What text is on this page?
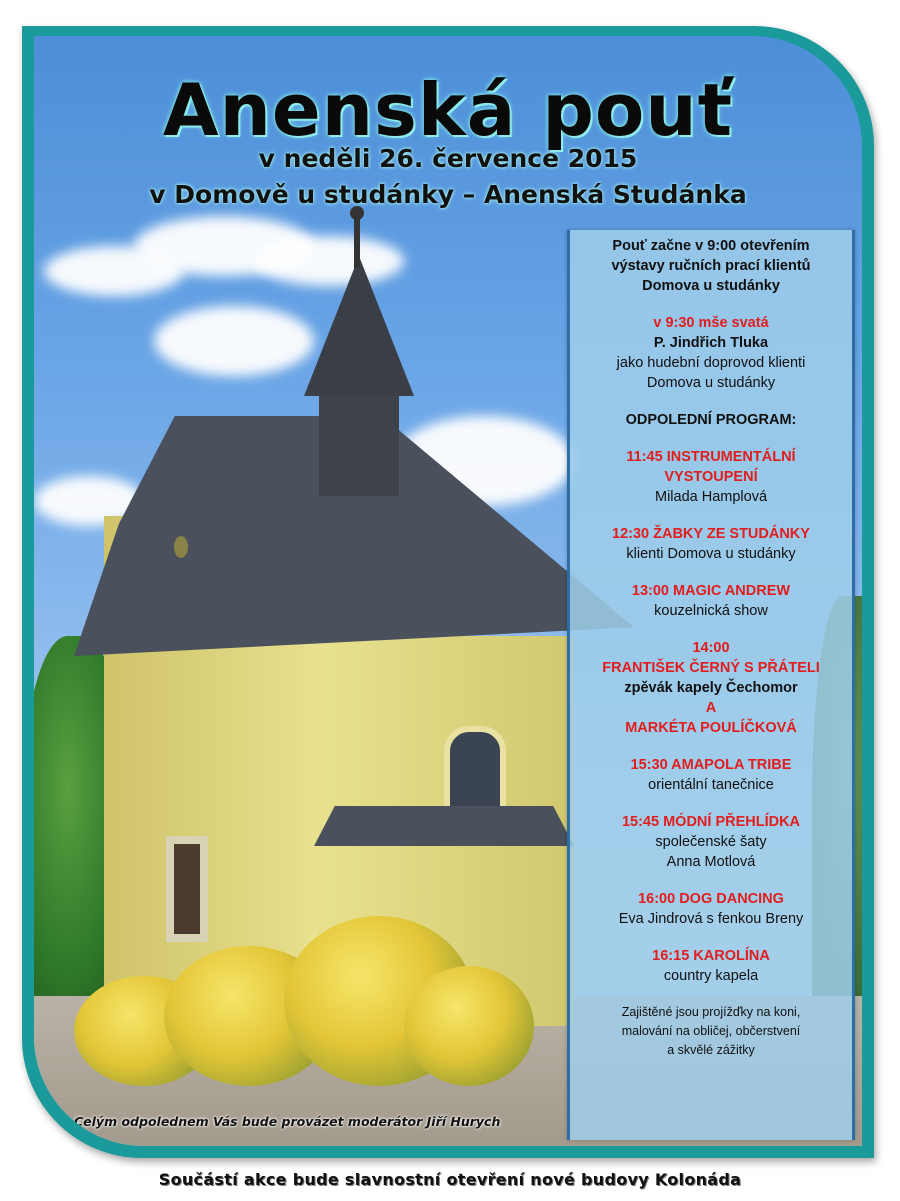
Anenská pouť

v neděli 26. července 2015

v Domově u studánky – Anenská Studánka

Pouť začne v 9:00 otevřením
výstavy ručních prací klientů
Domova u studánky
v 9:30 mše svatá
P. Jindřich Tluka
jako hudební doprovod klienti
Domova u studánky
ODPOLEDNÍ PROGRAM:
11:45 INSTRUMENTÁLNÍ
VYSTOUPENÍ
Milada Hamplová
12:30 ŽABKY ZE STUDÁNKY
klienti Domova u studánky
13:00 MAGIC ANDREW
kouzelnická show
14:00
FRANTIŠEK ČERNÝ S PŘÁTELI
zpěvák kapely Čechomor
A
MARKÉTA POULÍČKOVÁ
15:30 AMAPOLA TRIBE
orientální tanečnice
15:45 MÓDNÍ PŘEHLÍDKA
společenské šaty
Anna Motlová
16:00 DOG DANCING
Eva Jindrová s fenkou Breny
16:15 KAROLÍNA
country kapela
Zajištěné jsou projížďky na koni,
malování na obličej, občerstvení
a skvělé zážitky
Celým odpolednem Vás bude provázet moderátor Jiří Hurych
Součástí akce bude slavnostní otevření nové budovy Kolonáda
